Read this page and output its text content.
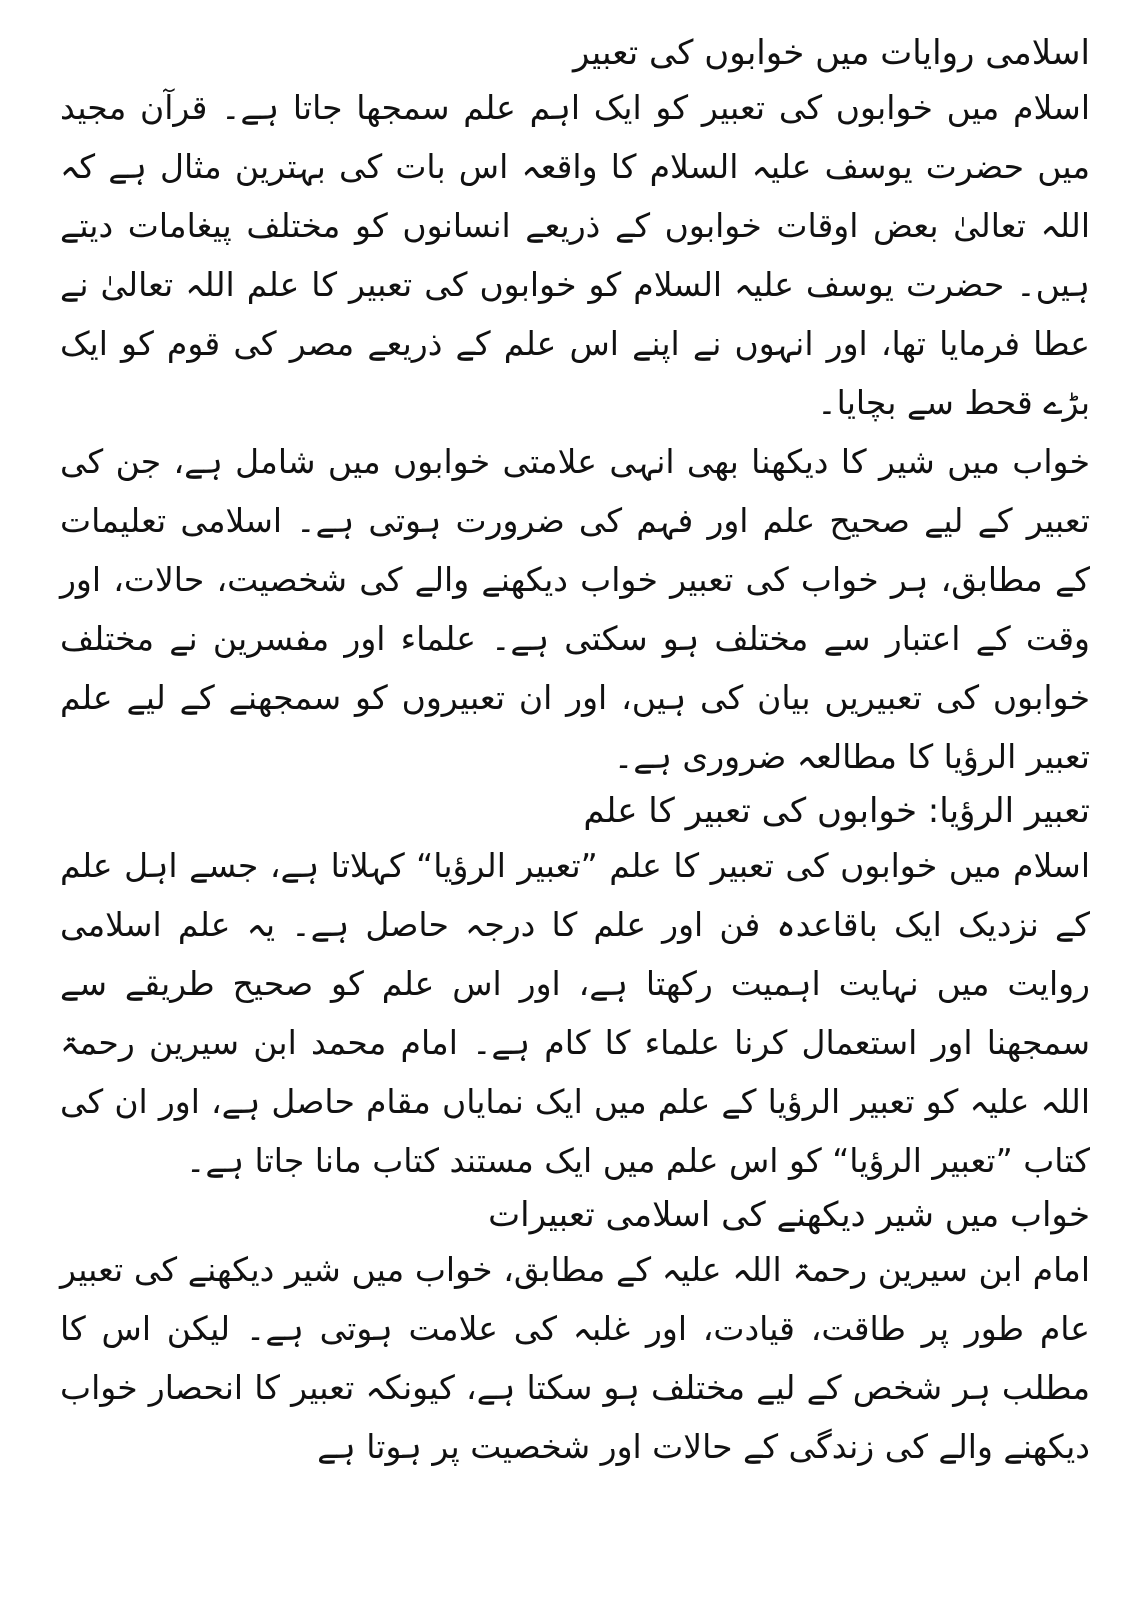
اسلامی روایات میں خوابوں کی تعبیر

اسلام میں خوابوں کی تعبیر کو ایک اہم علم سمجھا جاتا ہے۔ قرآن مجید میں حضرت یوسف علیہ السلام کا واقعہ اس بات کی بہترین مثال ہے کہ اللہ تعالیٰ بعض اوقات خوابوں کے ذریعے انسانوں کو مختلف پیغامات دیتے ہیں۔ حضرت یوسف علیہ السلام کو خوابوں کی تعبیر کا علم اللہ تعالیٰ نے عطا فرمایا تھا، اور انہوں نے اپنے اس علم کے ذریعے مصر کی قوم کو ایک بڑے قحط سے بچایا۔

خواب میں شیر کا دیکھنا بھی انہی علامتی خوابوں میں شامل ہے، جن کی تعبیر کے لیے صحیح علم اور فہم کی ضرورت ہوتی ہے۔ اسلامی تعلیمات کے مطابق، ہر خواب کی تعبیر خواب دیکھنے والے کی شخصیت، حالات، اور وقت کے اعتبار سے مختلف ہو سکتی ہے۔ علماء اور مفسرین نے مختلف خوابوں کی تعبیریں بیان کی ہیں، اور ان تعبیروں کو سمجھنے کے لیے علم تعبیر الرؤیا کا مطالعہ ضروری ہے۔

تعبیر الرؤیا: خوابوں کی تعبیر کا علم

اسلام میں خوابوں کی تعبیر کا علم ”تعبیر الرؤیا“ کہلاتا ہے، جسے اہل علم کے نزدیک ایک باقاعدہ فن اور علم کا درجہ حاصل ہے۔ یہ علم اسلامی روایت میں نہایت اہمیت رکھتا ہے، اور اس علم کو صحیح طریقے سے سمجھنا اور استعمال کرنا علماء کا کام ہے۔ امام محمد ابن سیرین رحمۃ اللہ علیہ کو تعبیر الرؤیا کے علم میں ایک نمایاں مقام حاصل ہے، اور ان کی کتاب ”تعبیر الرؤیا“ کو اس علم میں ایک مستند کتاب مانا جاتا ہے۔

خواب میں شیر دیکھنے کی اسلامی تعبیرات

امام ابن سیرین رحمۃ اللہ علیہ کے مطابق، خواب میں شیر دیکھنے کی تعبیر عام طور پر طاقت، قیادت، اور غلبہ کی علامت ہوتی ہے۔ لیکن اس کا مطلب ہر شخص کے لیے مختلف ہو سکتا ہے، کیونکہ تعبیر کا انحصار خواب دیکھنے والے کی زندگی کے حالات اور شخصیت پر ہوتا ہے
